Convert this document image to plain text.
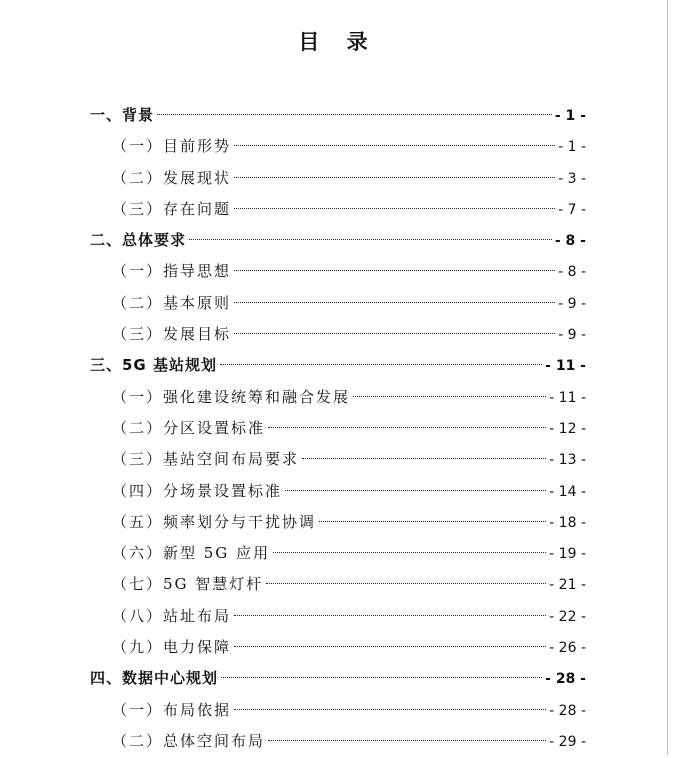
目 录
一、背景	- 1 -
（一）目前形势	- 1 -
（二）发展现状	- 3 -
（三）存在问题	- 7 -
二、总体要求	- 8 -
（一）指导思想	- 8 -
（二）基本原则	- 9 -
（三）发展目标	- 9 -
三、5G 基站规划	- 11 -
（一）强化建设统筹和融合发展	- 11 -
（二）分区设置标准	- 12 -
（三）基站空间布局要求	- 13 -
（四）分场景设置标准	- 14 -
（五）频率划分与干扰协调	- 18 -
（六）新型 5G 应用	- 19 -
（七）5G 智慧灯杆	- 21 -
（八）站址布局	- 22 -
（九）电力保障	- 26 -
四、数据中心规划	- 28 -
（一）布局依据	- 28 -
（二）总体空间布局	- 29 -
